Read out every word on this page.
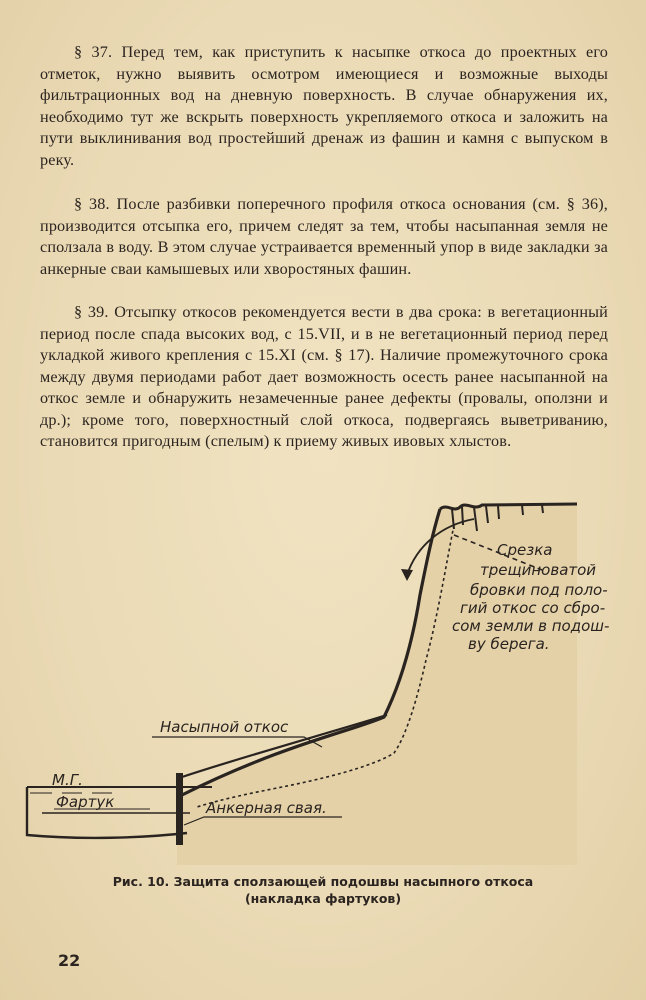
§ 37. Перед тем, как приступить к насыпке откоса до проектных его отметок, нужно выявить осмотром имеющиеся и возможные выходы фильтрационных вод на дневную поверхность. В случае обнаружения их, необходимо тут же вскрыть поверхность укрепляемого откоса и заложить на пути выклинивания вод простейший дренаж из фашин и камня с выпуском в реку.

§ 38. После разбивки поперечного профиля откоса основания (см. § 36), производится отсыпка его, причем следят за тем, чтобы насыпанная земля не сползала в воду. В этом случае устраивается временный упор в виде закладки за анкерные сваи камышевых или хворостяных фашин.

§ 39. Отсыпку откосов рекомендуется вести в два срока: в вегетационный период после спада высоких вод, с 15.VII, и в не вегетационный период перед укладкой живого крепления с 15.XI (см. § 17). Наличие промежуточного срока между двумя периодами работ дает возможность осесть ранее насыпанной на откос земле и обнаружить незамеченные ранее дефекты (провалы, оползни и др.); кроме того, поверхностный слой откоса, подвергаясь выветриванию, становится пригодным (спелым) к приему живых ивовых хлыстов.

Срезка
трещиноватой
бровки под поло-
гий откос со сбро-
сом земли в подош-
ву берега.
Насыпной откос
М.Г.
Фартук	Анкерная свая.
Рис. 10. Защита сползающей подошвы насыпного откоса
(накладка фартуков)
22
